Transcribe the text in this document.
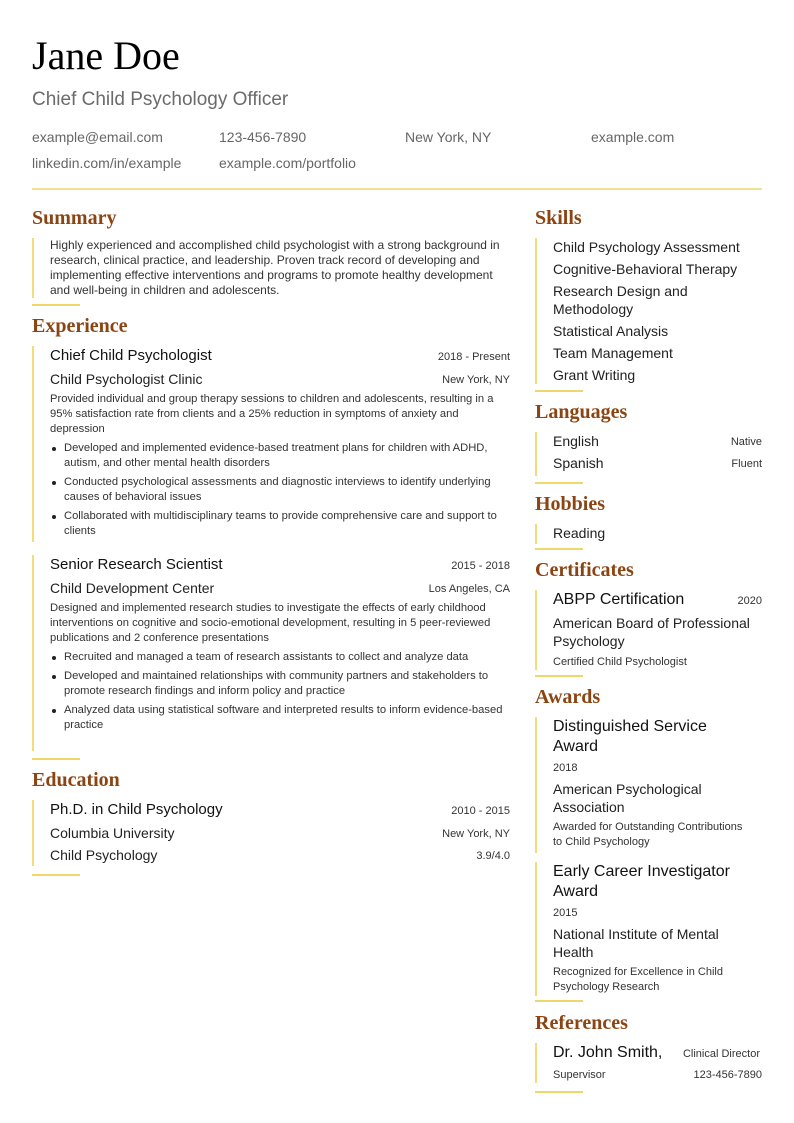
Jane Doe
Chief Child Psychology Officer
example@email.com	123-456-7890	New York, NY	example.com
linkedin.com/in/example	example.com/portfolio
Summary
Highly experienced and accomplished child psychologist with a strong background in research, clinical practice, and leadership. Proven track record of developing and implementing effective interventions and programs to promote healthy development and well-being in children and adolescents.
Experience
Chief Child Psychologist	2018 - Present
Child Psychologist Clinic	New York, NY
Provided individual and group therapy sessions to children and adolescents, resulting in a 95% satisfaction rate from clients and a 25% reduction in symptoms of anxiety and depression
Developed and implemented evidence-based treatment plans for children with ADHD, autism, and other mental health disorders
Conducted psychological assessments and diagnostic interviews to identify underlying causes of behavioral issues
Collaborated with multidisciplinary teams to provide comprehensive care and support to clients
Senior Research Scientist	2015 - 2018
Child Development Center	Los Angeles, CA
Designed and implemented research studies to investigate the effects of early childhood interventions on cognitive and socio-emotional development, resulting in 5 peer-reviewed publications and 2 conference presentations
Recruited and managed a team of research assistants to collect and analyze data
Developed and maintained relationships with community partners and stakeholders to promote research findings and inform policy and practice
Analyzed data using statistical software and interpreted results to inform evidence-based practice
Education
Ph.D. in Child Psychology	2010 - 2015
Columbia University	New York, NY
Child Psychology	3.9/4.0
Skills
Child Psychology Assessment
Cognitive-Behavioral Therapy
Research Design and Methodology
Statistical Analysis
Team Management
Grant Writing
Languages
English	Native
Spanish	Fluent
Hobbies
Reading
Certificates
ABPP Certification	2020
American Board of Professional Psychology
Certified Child Psychologist
Awards
Distinguished Service Award
2018
American Psychological Association
Awarded for Outstanding Contributions to Child Psychology
Early Career Investigator Award
2015
National Institute of Mental Health
Recognized for Excellence in Child Psychology Research
References
Dr. John Smith, Clinical Director
Supervisor	123-456-7890
